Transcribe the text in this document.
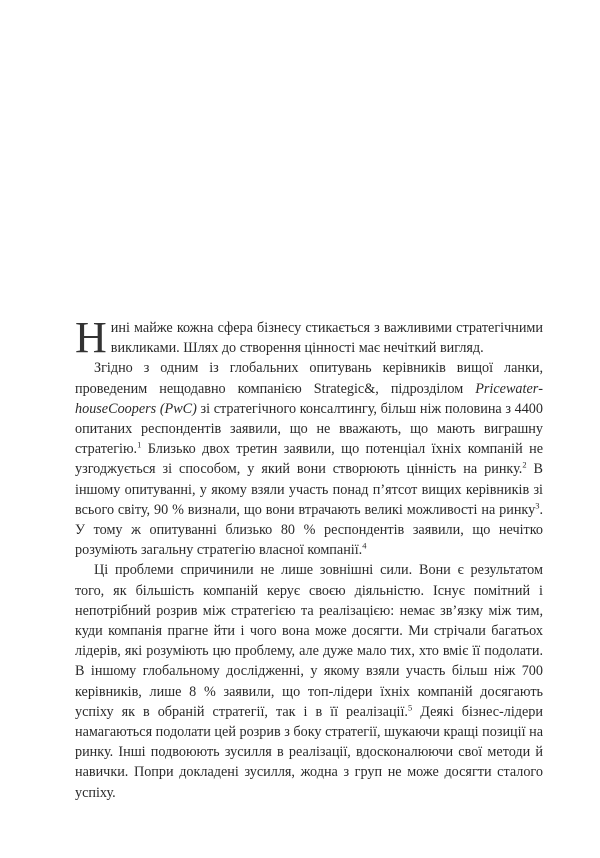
Нині майже кожна сфера бізнесу стикається з важливими стратегічними викликами. Шлях до створення цінності має нечіткий вигляд.

Згідно з одним із глобальних опитувань керівників вищої ланки, проведеним нещодавно компанією Strategic&, підрозділом PricewaterhouseCoopers (PwC) зі стратегічного консалтингу, більш ніж половина з 4400 опитаних респондентів заявили, що не вважають, що мають виграшну стратегію.$^1$ Близько двох третин заявили, що потенціал їхніх компаній не узгоджується зі способом, у який вони створюють цінність на ринку.$^2$ В іншому опитуванні, у якому взяли участь понад п’ятсот вищих керівників зі всього світу, 90 % визнали, що вони втрачають великі можливості на ринку$^3$. У тому ж опитуванні близько 80 % респондентів заявили, що нечітко розуміють загальну стратегію власної компанії.$^4$

Ці проблеми спричинили не лише зовнішні сили. Вони є результатом того, як більшість компаній керує своєю діяльністю. Існує помітний і непотрібний розрив між стратегією та реалізацією: немає зв’язку між тим, куди компанія прагне йти і чого вона може досягти. Ми стрічали багатьох лідерів, які розуміють цю проблему, але дуже мало тих, хто вміє її подолати. В іншому глобальному дослідженні, у якому взяли участь більш ніж 700 керівників, лише 8 % заявили, що топ-лідери їхніх компаній досягають успіху як в обраній стратегії, так і в її реалізації.$^5$ Деякі бізнес-лідери намагаються подолати цей розрив з боку стратегії, шукаючи кращі позиції на ринку. Інші подвоюють зусилля в реалізації, вдосконалюючи свої методи й навички. Попри докладені зусилля, жодна з груп не може досягти сталого успіху.
